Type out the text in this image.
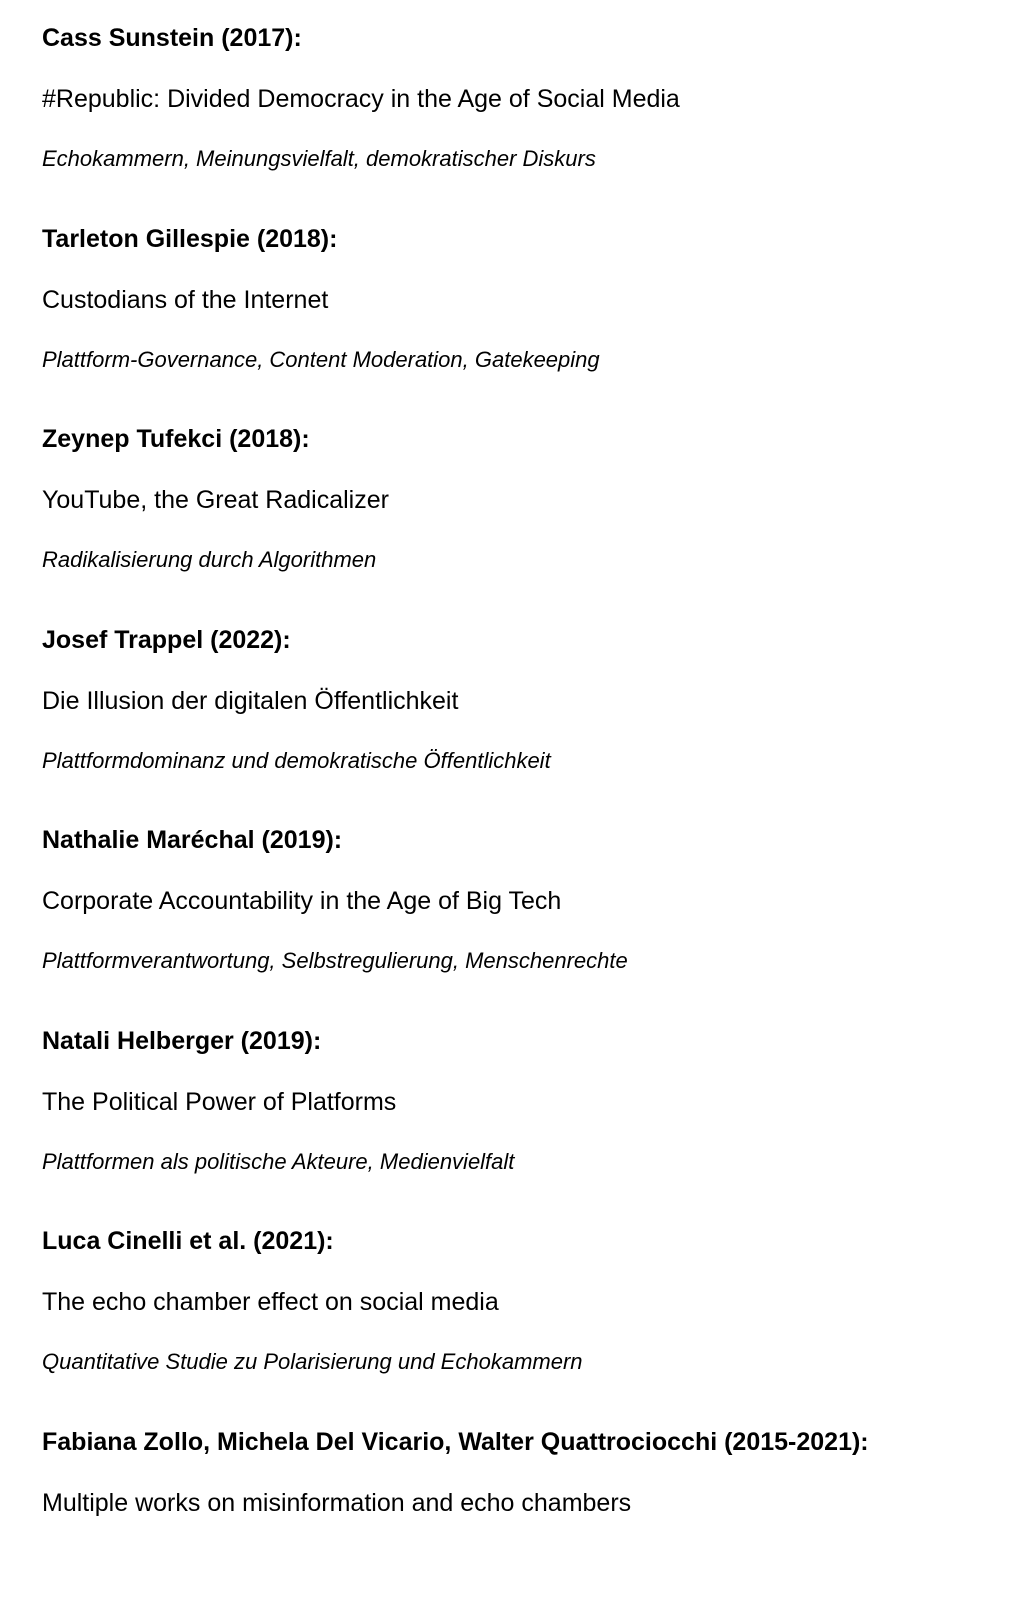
Cass Sunstein (2017):

#Republic: Divided Democracy in the Age of Social Media

Echokammern, Meinungsvielfalt, demokratischer Diskurs

Tarleton Gillespie (2018):

Custodians of the Internet

Plattform-Governance, Content Moderation, Gatekeeping

Zeynep Tufekci (2018):

YouTube, the Great Radicalizer

Radikalisierung durch Algorithmen

Josef Trappel (2022):

Die Illusion der digitalen Öffentlichkeit

Plattformdominanz und demokratische Öffentlichkeit

Nathalie Maréchal (2019):

Corporate Accountability in the Age of Big Tech

Plattformverantwortung, Selbstregulierung, Menschenrechte

Natali Helberger (2019):

The Political Power of Platforms

Plattformen als politische Akteure, Medienvielfalt

Luca Cinelli et al. (2021):

The echo chamber effect on social media

Quantitative Studie zu Polarisierung und Echokammern

Fabiana Zollo, Michela Del Vicario, Walter Quattrociocchi (2015-2021):

Multiple works on misinformation and echo chambers
